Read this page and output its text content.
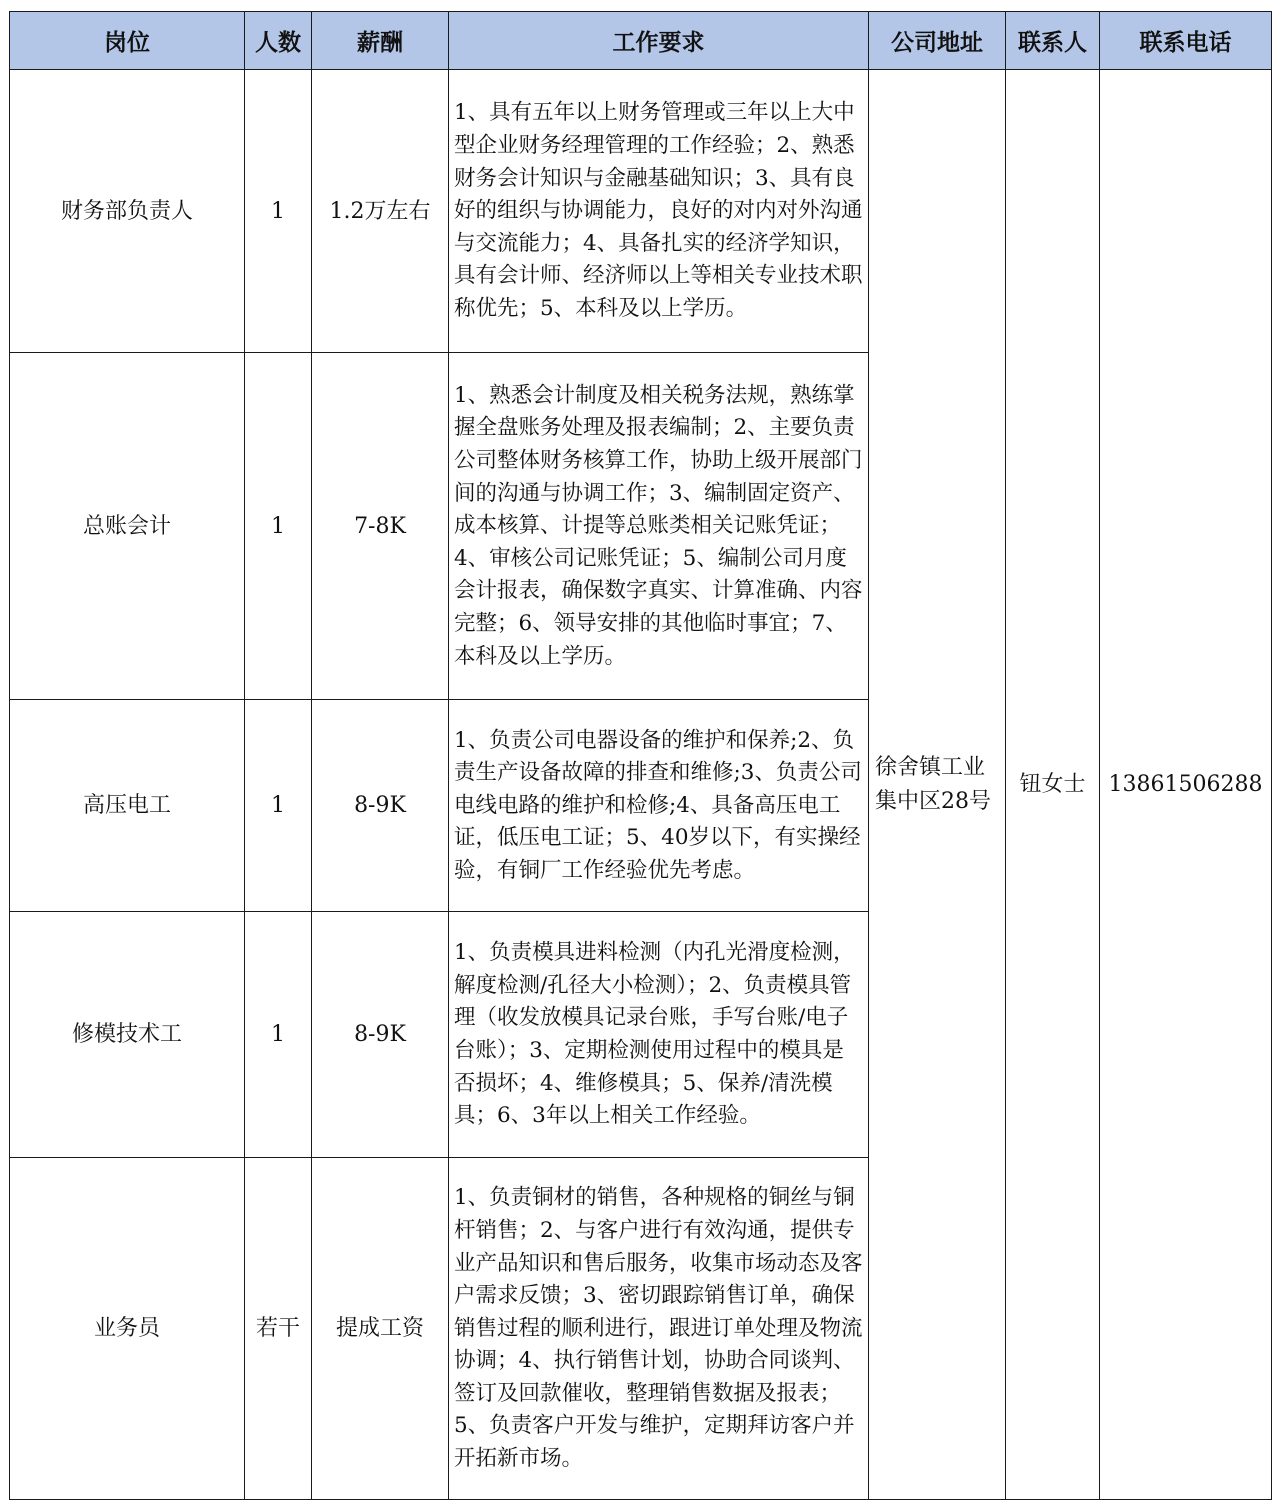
岗位	人数	薪酬	工作要求	公司地址	联系人	联系电话
财务部负责人	1	1.2万左右	1、具有五年以上财务管理或三年以上大中型企业财务经理管理的工作经验；2、熟悉财务会计知识与金融基础知识；3、具有良好的组织与协调能力，良好的对内对外沟通与交流能力；4、具备扎实的经济学知识，具有会计师、经济师以上等相关专业技术职称优先；5、本科及以上学历。	徐舍镇工业集中区28号	钮女士	13861506288
总账会计	1	7-8K	1、熟悉会计制度及相关税务法规，熟练掌握全盘账务处理及报表编制；2、主要负责公司整体财务核算工作，协助上级开展部门间的沟通与协调工作；3、编制固定资产、成本核算、计提等总账类相关记账凭证；4、审核公司记账凭证；5、编制公司月度会计报表，确保数字真实、计算准确、内容完整；6、领导安排的其他临时事宜；7、本科及以上学历。			
高压电工	1	8-9K	1、负责公司电器设备的维护和保养;2、负责生产设备故障的排查和维修;3、负责公司电线电路的维护和检修;4、具备高压电工证，低压电工证；5、40岁以下，有实操经验，有铜厂工作经验优先考虑。			
修模技术工	1	8-9K	1、负责模具进料检测（内孔光滑度检测，解度检测/孔径大小检测）；2、负责模具管理（收发放模具记录台账，手写台账/电子台账）；3、定期检测使用过程中的模具是否损坏；4、维修模具；5、保养/清洗模具；6、3年以上相关工作经验。			
业务员	若干	提成工资	1、负责铜材的销售，各种规格的铜丝与铜杆销售；2、与客户进行有效沟通，提供专业产品知识和售后服务，收集市场动态及客户需求反馈；3、密切跟踪销售订单，确保销售过程的顺利进行，跟进订单处理及物流协调；4、执行销售计划，协助合同谈判、签订及回款催收，整理销售数据及报表；5、负责客户开发与维护，定期拜访客户并开拓新市场。			
